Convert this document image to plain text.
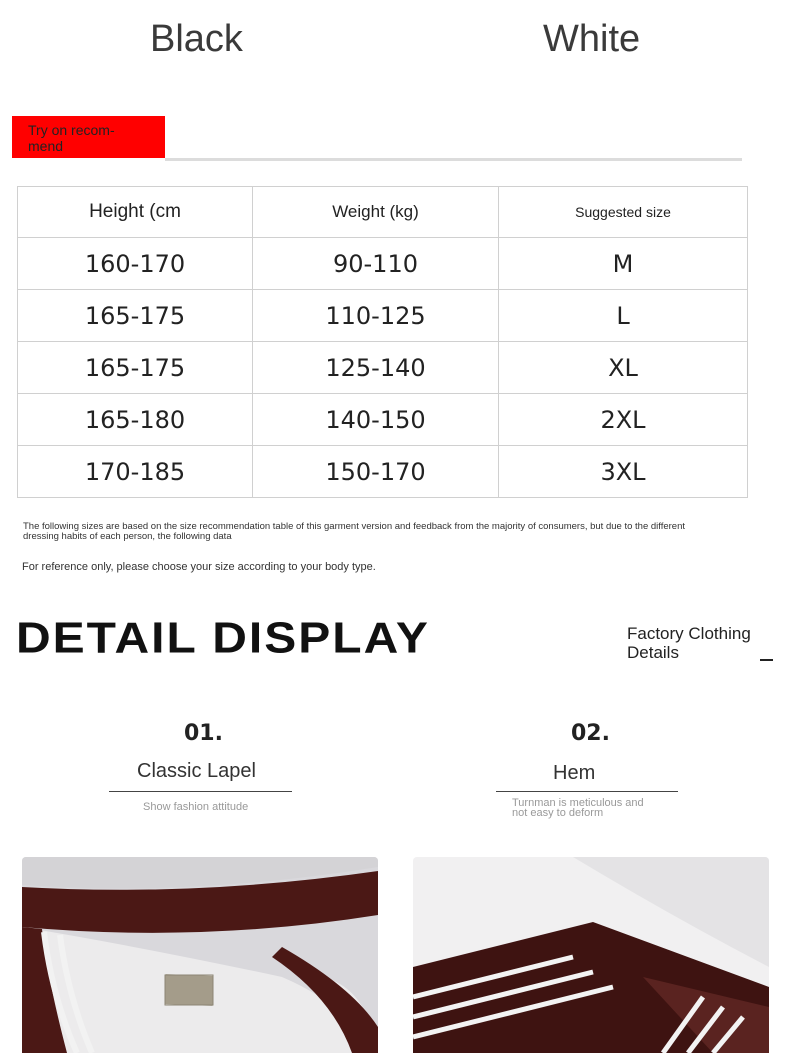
Black	White
Try on recom-
mend
Height (cm	Weight (kg)	Suggested size
160-170	90-110	M
165-175	110-125	L
165-175	125-140	XL
165-180	140-150	2XL
170-185	150-170	3XL
The following sizes are based on the size recommendation table of this garment version and feedback from the majority of consumers, but due to the different
dressing habits of each person, the following data
For reference only, please choose your size according to your body type.
DETAIL DISPLAY	Factory Clothing
Details
01.
Classic Lapel
Show fashion attitude
02.
Hem
Turnman is meticulous and
not easy to deform
